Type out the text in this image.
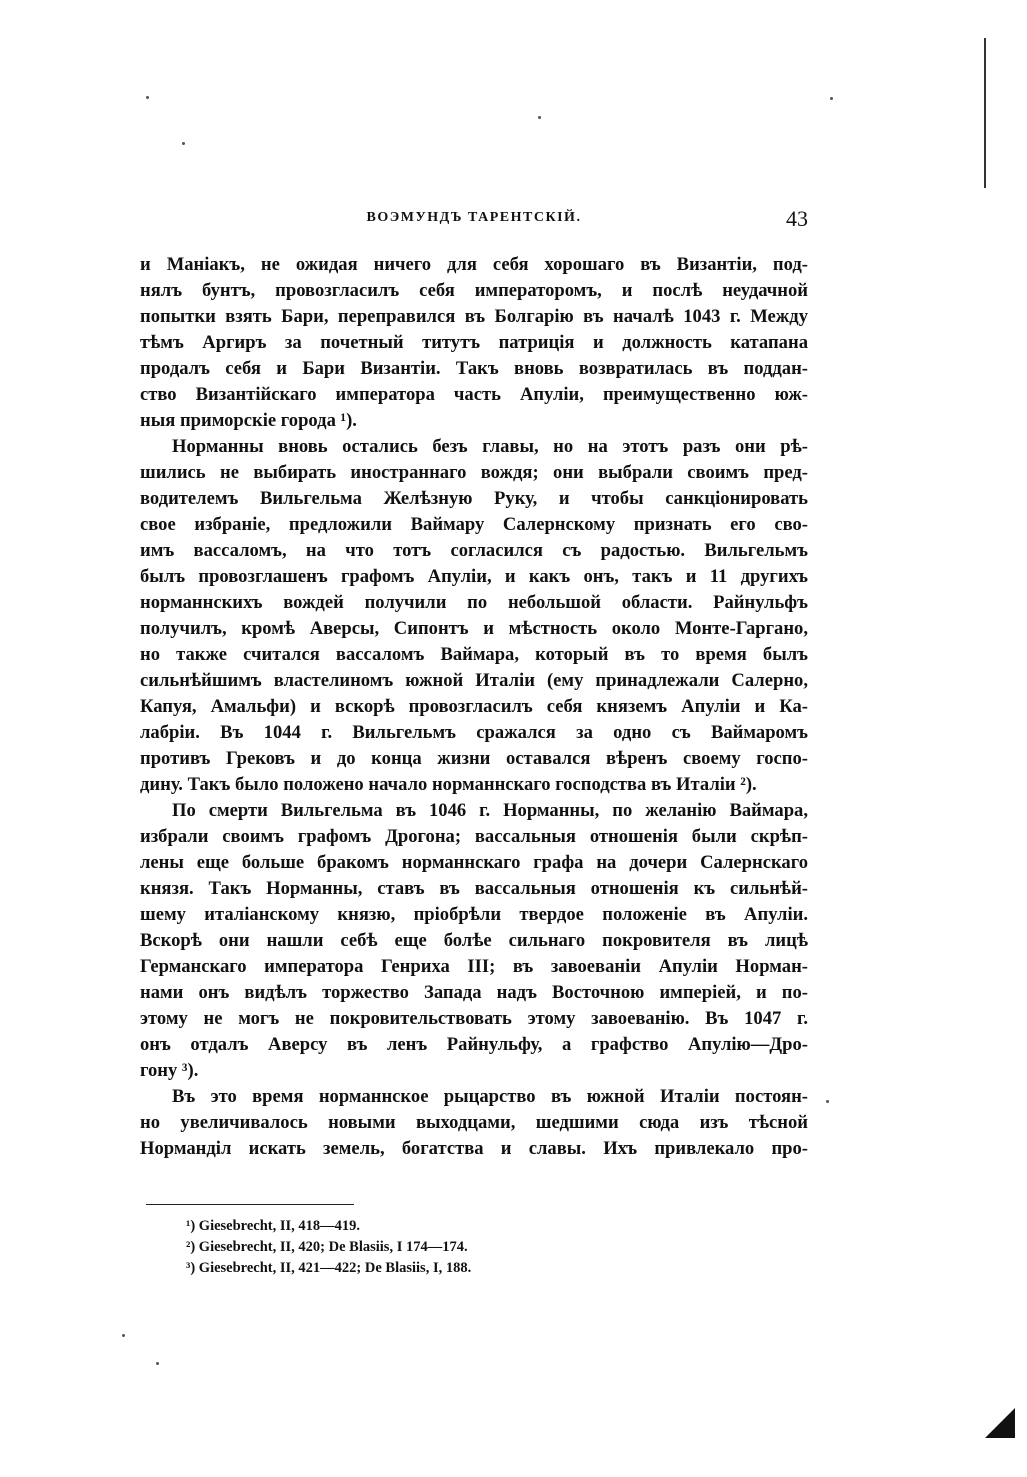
ВОЭМУНДЪ ТАРЕНТСКІЙ.	43
и Маніакъ, не ожидая ничего для себя хорошаго въ Византіи, под-
нялъ бунтъ, провозгласилъ себя императоромъ, и послѣ неудачной
попытки взять Бари, переправился въ Болгарію въ началѣ 1043 г. Между
тѣмъ Аргиръ за почетный титутъ патриція и должность катапана
продалъ себя и Бари Византіи. Такъ вновь возвратилась въ поддан-
ство Византійскаго императора часть Апуліи, преимущественно юж-
ныя приморскіе города ¹).
Норманны вновь остались безъ главы, но на этотъ разъ они рѣ-
шились не выбирать иностраннаго вождя; они выбрали своимъ пред-
водителемъ Вильгельма Желѣзную Руку, и чтобы санкціонировать
свое избраніе, предложили Ваймару Салернскому признать его сво-
имъ вассаломъ, на что тотъ согласился съ радостью. Вильгельмъ
былъ провозглашенъ графомъ Апуліи, и какъ онъ, такъ и 11 другихъ
норманнскихъ вождей получили по небольшой области. Райнульфъ
получилъ, кромѣ Аверсы, Сипонтъ и мѣстность около Монте-Гаргано,
но также считался вассаломъ Ваймара, который въ то время былъ
сильнѣйшимъ властелиномъ южной Италіи (ему принадлежали Салерно,
Капуя, Амальфи) и вскорѣ провозгласилъ себя княземъ Апуліи и Ка-
лабріи. Въ 1044 г. Вильгельмъ сражался за одно съ Ваймаромъ
противъ Грековъ и до конца жизни оставался вѣренъ своему госпо-
дину. Такъ было положено начало норманнскаго господства въ Италіи ²).
По смерти Вильгельма въ 1046 г. Норманны, по желанію Ваймара,
избрали своимъ графомъ Дрогона; вассальныя отношенія были скрѣп-
лены еще больше бракомъ норманнскаго графа на дочери Салернскаго
князя. Такъ Норманны, ставъ въ вассальныя отношенія къ сильнѣй-
шему италіанскому князю, пріобрѣли твердое положеніе въ Апуліи.
Вскорѣ они нашли себѣ еще болѣе сильнаго покровителя въ лицѣ
Германскаго императора Генриха III; въ завоеваніи Апуліи Норман-
нами онъ видѣлъ торжество Запада надъ Восточною имперіей, и по-
этому не могъ не покровительствовать этому завоеванію. Въ 1047 г.
онъ отдалъ Аверсу въ ленъ Райнульфу, а графство Апулію—Дро-
гону ³).
Въ это время норманнское рыцарство въ южной Италіи постоян-
но увеличивалось новыми выходцами, шедшими сюда изъ тѣсной
Норманділ искать земель, богатства и славы. Ихъ привлекало про-
¹) Giesebrecht, II, 418—419.
²) Giesebrecht, II, 420; De Blasiis, I 174—174.
³) Giesebrecht, II, 421—422; De Blasiis, I, 188.
